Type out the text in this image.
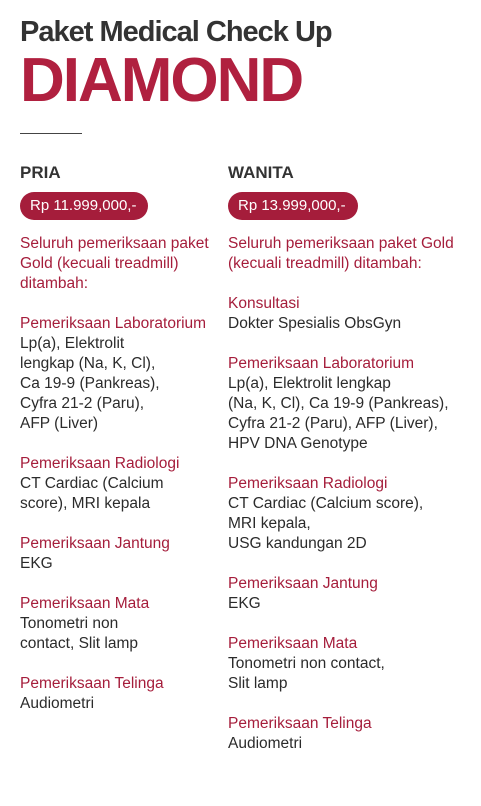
Paket Medical Check Up

DIAMOND

PRIA

Rp 11.999,000,-

Seluruh pemeriksaan paket Gold (kecuali treadmill) ditambah:

Pemeriksaan Laboratorium

Lp(a), Elektrolit
lengkap (Na, K, Cl),
Ca 19-9 (Pankreas),
Cyfra 21-2 (Paru),
AFP (Liver)

Pemeriksaan Radiologi

CT Cardiac (Calcium
score), MRI kepala

Pemeriksaan Jantung

EKG

Pemeriksaan Mata

Tonometri non
contact, Slit lamp

Pemeriksaan Telinga

Audiometri

WANITA

Rp 13.999,000,-

Seluruh pemeriksaan paket Gold (kecuali treadmill) ditambah:

Konsultasi

Dokter Spesialis ObsGyn

Pemeriksaan Laboratorium

Lp(a), Elektrolit lengkap
(Na, K, Cl), Ca 19-9 (Pankreas),
Cyfra 21-2 (Paru), AFP (Liver),
HPV DNA Genotype

Pemeriksaan Radiologi

CT Cardiac (Calcium score),
MRI kepala,
USG kandungan 2D

Pemeriksaan Jantung

EKG

Pemeriksaan Mata

Tonometri non contact,
Slit lamp

Pemeriksaan Telinga

Audiometri
